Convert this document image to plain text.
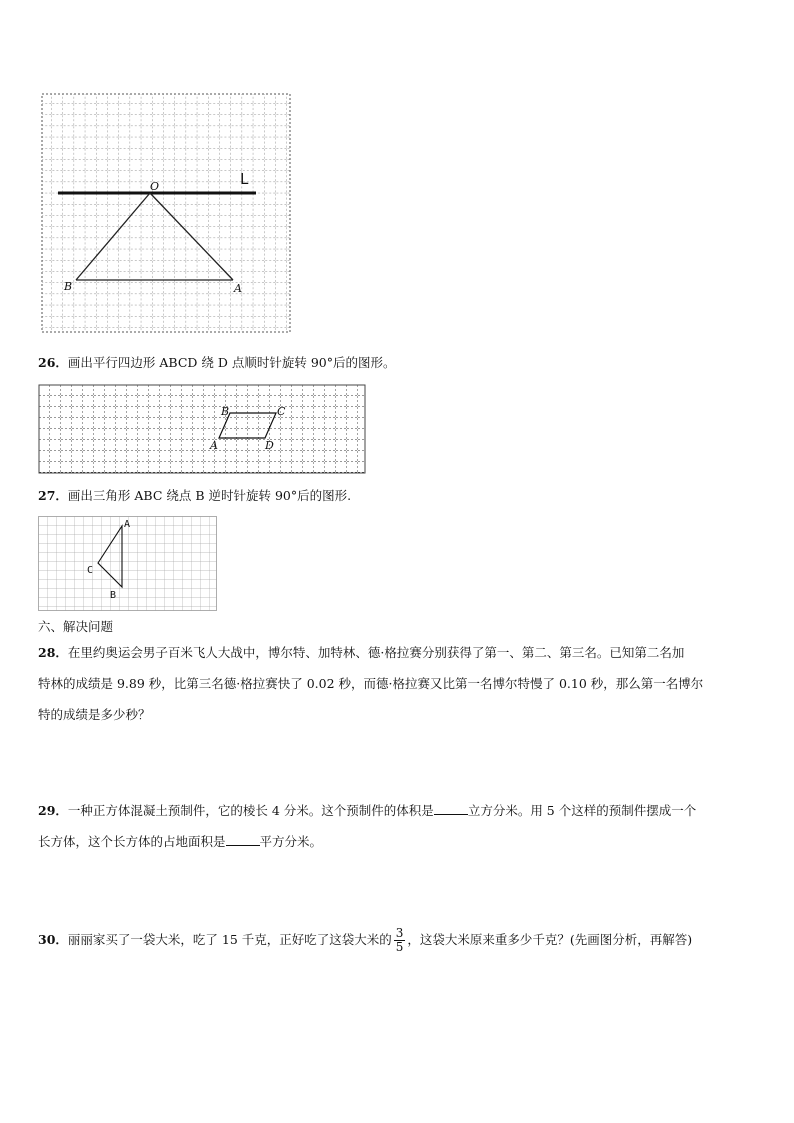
O	L
B	A
26．画出平行四边形 ABCD 绕 D 点顺时针旋转 90°后的图形。
B	C
A	D
27．画出三角形 ABC 绕点 B 逆时针旋转 90°后的图形.
A
C
B
六、解决问题
28．在里约奥运会男子百米飞人大战中，博尔特、加特林、德·格拉赛分别获得了第一、第二、第三名。已知第二名加
特林的成绩是 9.89 秒，比第三名德·格拉赛快了 0.02 秒，而德·格拉赛又比第一名博尔特慢了 0.10 秒，那么第一名博尔
特的成绩是多少秒？
29．一种正方体混凝土预制件，它的棱长 4 分米。这个预制件的体积是	立方分米。用 5 个这样的预制件摆成一个
长方体，这个长方体的占地面积是	平方分米。
30． 丽丽家买了一袋大米，吃了 15 千克，正好吃了这袋大米的 $\frac{3}{5}$ ，这袋大米原来重多少千克？(先画图分析，再解答)
